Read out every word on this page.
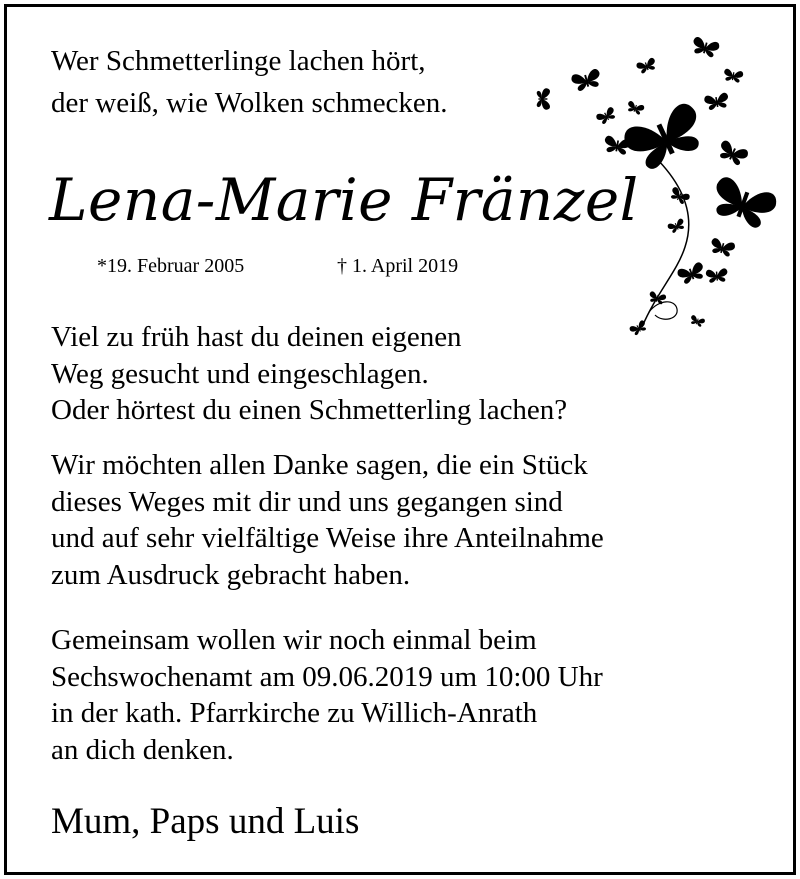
Wer Schmetterlinge lachen hört,
der weiß, wie Wolken schmecken.

Lena-Marie Fränzel
*19. Februar 2005	† 1. April 2019

Viel zu früh hast du deinen eigenen
Weg gesucht und eingeschlagen.
Oder hörtest du einen Schmetterling lachen?

Wir möchten allen Danke sagen, die ein Stück
dieses Weges mit dir und uns gegangen sind
und auf sehr vielfältige Weise ihre Anteilnahme
zum Ausdruck gebracht haben.

Gemeinsam wollen wir noch einmal beim
Sechswochenamt am 09.06.2019 um 10:00 Uhr
in der kath. Pfarrkirche zu Willich-Anrath
an dich denken.

Mum, Paps und Luis
